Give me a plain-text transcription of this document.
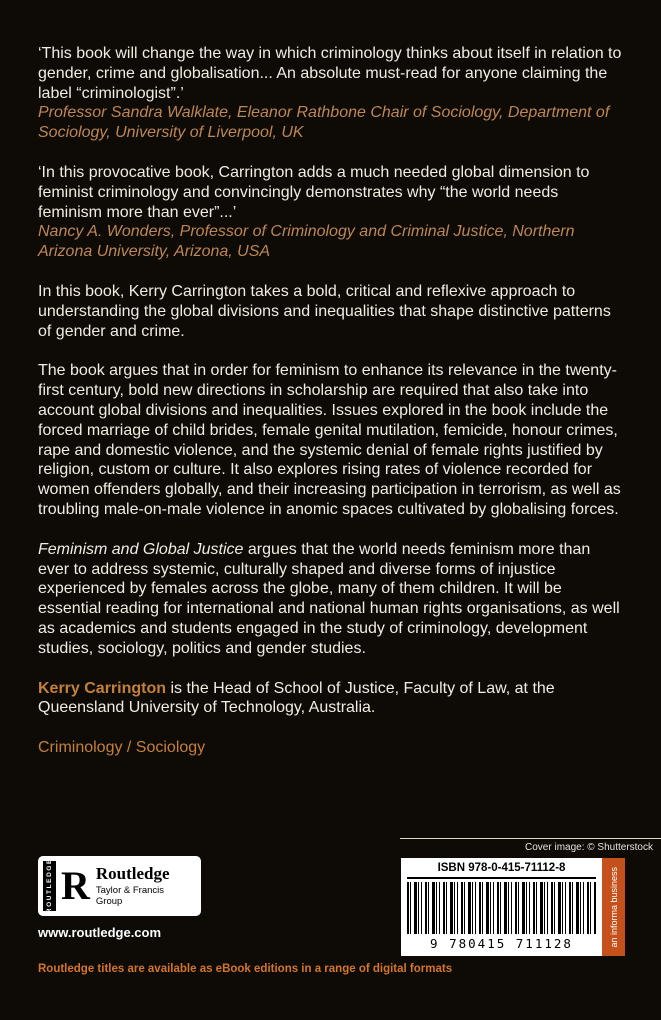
‘This book will change the way in which criminology thinks about itself in relation to gender, crime and globalisation... An absolute must-read for anyone claiming the label “criminologist”.’

Professor Sandra Walklate, Eleanor Rathbone Chair of Sociology, Department of Sociology, University of Liverpool, UK

‘In this provocative book, Carrington adds a much needed global dimension to feminist criminology and convincingly demonstrates why “the world needs feminism more than ever”...’

Nancy A. Wonders, Professor of Criminology and Criminal Justice, Northern Arizona University, Arizona, USA

In this book, Kerry Carrington takes a bold, critical and reflexive approach to understanding the global divisions and inequalities that shape distinctive patterns of gender and crime.

The book argues that in order for feminism to enhance its relevance in the twenty-first century, bold new directions in scholarship are required that also take into account global divisions and inequalities. Issues explored in the book include the forced marriage of child brides, female genital mutilation, femicide, honour crimes, rape and domestic violence, and the systemic denial of female rights justified by religion, custom or culture. It also explores rising rates of violence recorded for women offenders globally, and their increasing participation in terrorism, as well as troubling male-on-male violence in anomic spaces cultivated by globalising forces.

Feminism and Global Justice argues that the world needs feminism more than ever to address systemic, culturally shaped and diverse forms of injustice experienced by females across the globe, many of them children. It will be essential reading for international and national human rights organisations, as well as academics and students engaged in the study of criminology, development studies, sociology, politics and gender studies.

Kerry Carrington is the Head of School of Justice, Faculty of Law, at the Queensland University of Technology, Australia.

Criminology / Sociology

Cover image: © Shutterstock
ROUTLEDGE R Routledge
Taylor & Francis Group
www.routledge.com
ISBN 978-0-415-71112-8
9 780415 711128	an informa business
Routledge titles are available as eBook editions in a range of digital formats
